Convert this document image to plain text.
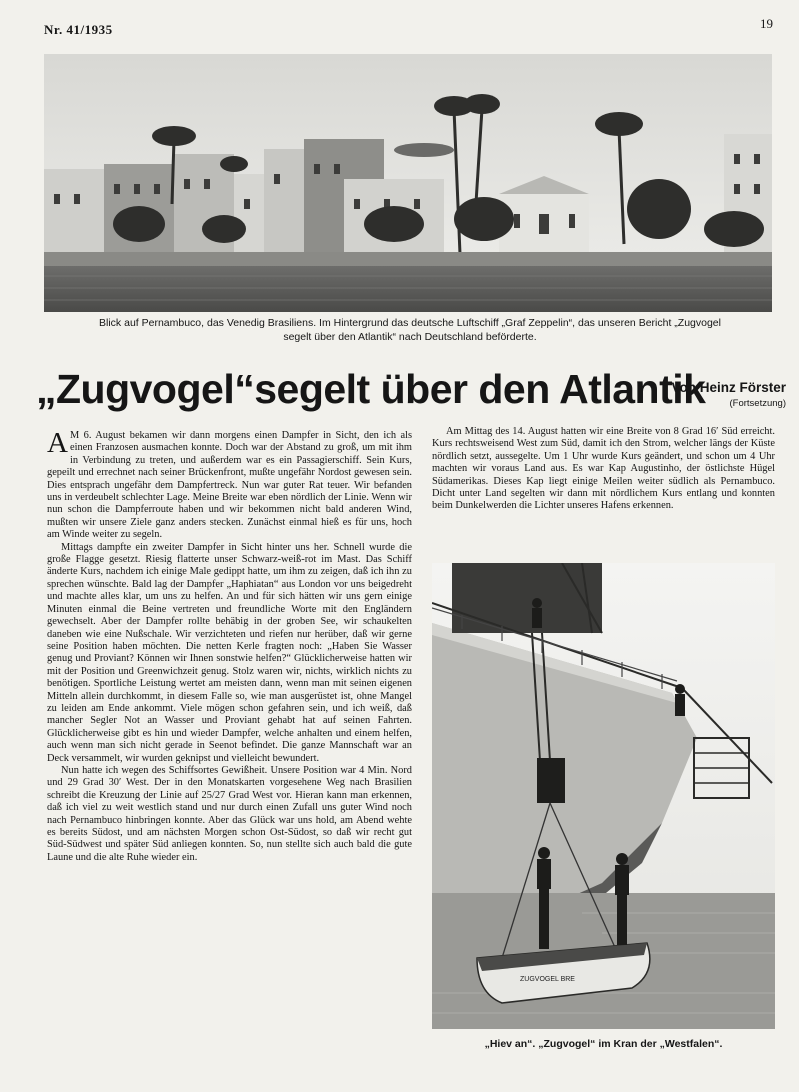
Nr. 41/1935	19
Blick auf Pernambuco, das Venedig Brasiliens. Im Hintergrund das deutsche Luftschiff „Graf Zeppelin“, das unseren Bericht „Zugvogel
segelt über den Atlantik“ nach Deutschland beförderte.
„Zugvogel“segelt über den Atlantik
Von Heinz Förster
(Fortsetzung)

A M 6. August bekamen wir dann morgens einen Dampfer in Sicht, den ich als einen Franzosen ausmachen konnte. Doch war der Abstand zu groß, um mit ihm in Verbindung zu treten, und außerdem war es ein Passagierschiff. Sein Kurs, gepeilt und errechnet nach seiner Brückenfront, mußte ungefähr Nordost gewesen sein. Dies entsprach ungefähr dem Dampfertreck. Nun war guter Rat teuer. Wir befanden uns in verdeubelt schlechter Lage. Meine Breite war eben nördlich der Linie. Wenn wir nun schon die Dampferroute haben und wir bekommen nicht bald anderen Wind, mußten wir unsere Ziele ganz anders stecken. Zunächst einmal hieß es für uns, hoch am Winde weiter zu segeln.

Mittags dampfte ein zweiter Dampfer in Sicht hinter uns her. Schnell wurde die große Flagge gesetzt. Riesig flatterte unser Schwarz-weiß-rot im Mast. Das Schiff änderte Kurs, nachdem ich einige Male gedippt hatte, um ihm zu zeigen, daß ich ihn zu sprechen wünschte. Bald lag der Dampfer „Haphiatan“ aus London vor uns beigedreht und machte alles klar, um uns zu helfen. An und für sich hätten wir uns gern einige Minuten einmal die Beine vertreten und freundliche Worte mit den Engländern gewechselt. Aber der Dampfer rollte behäbig in der groben See, wir schaukelten daneben wie eine Nußschale. Wir verzichteten und riefen nur herüber, daß wir gerne seine Position haben möchten. Die netten Kerle fragten noch: „Haben Sie Wasser genug und Proviant? Können wir Ihnen sonstwie helfen?“ Glücklicherweise hatten wir mit der Position und Greenwichzeit genug. Stolz waren wir, nichts, wirklich nichts zu benötigen. Sportliche Leistung wertet am meisten dann, wenn man mit seinen eigenen Mitteln allein durchkommt, in diesem Falle so, wie man ausgerüstet ist, ohne Mangel zu leiden am Ende ankommt. Viele mögen schon gefahren sein, und ich weiß, daß mancher Segler Not an Wasser und Proviant gehabt hat auf seinen Fahrten. Glücklicherweise gibt es hin und wieder Dampfer, welche anhalten und einem helfen, auch wenn man sich nicht gerade in Seenot befindet. Die ganze Mannschaft war an Deck versammelt, wir wurden geknipst und vielleicht bewundert.

Nun hatte ich wegen des Schiffsortes Gewißheit. Unsere Position war 4 Min. Nord und 29 Grad 30′ West. Der in den Monatskarten vorgesehene Weg nach Brasilien schreibt die Kreuzung der Linie auf 25/27 Grad West vor. Hieran kann man erkennen, daß ich viel zu weit westlich stand und nur durch einen Zufall uns guter Wind noch nach Pernambuco hinbringen konnte. Aber das Glück war uns hold, am Abend wehte es bereits Südost, und am nächsten Morgen schon Ost-Südost, so daß wir recht gut Süd-Südwest und später Süd anliegen konnten. So, nun stellte sich auch bald die gute Laune und die alte Ruhe wieder ein.

Am Mittag des 14. August hatten wir eine Breite von 8 Grad 16′ Süd erreicht. Kurs rechtsweisend West zum Süd, damit ich den Strom, welcher längs der Küste nördlich setzt, aussegelte. Um 1 Uhr wurde Kurs geändert, und schon um 4 Uhr machten wir voraus Land aus. Es war Kap Augustinho, der östlichste Hügel Südamerikas. Dieses Kap liegt einige Meilen weiter südlich als Pernambuco. Dicht unter Land segelten wir dann mit nördlichem Kurs entlang und konnten beim Dunkelwerden die Lichter unseres Hafens erkennen.

ZUGVOGEL BRE
„Hiev an“. „Zugvogel“ im Kran der „Westfalen“.
